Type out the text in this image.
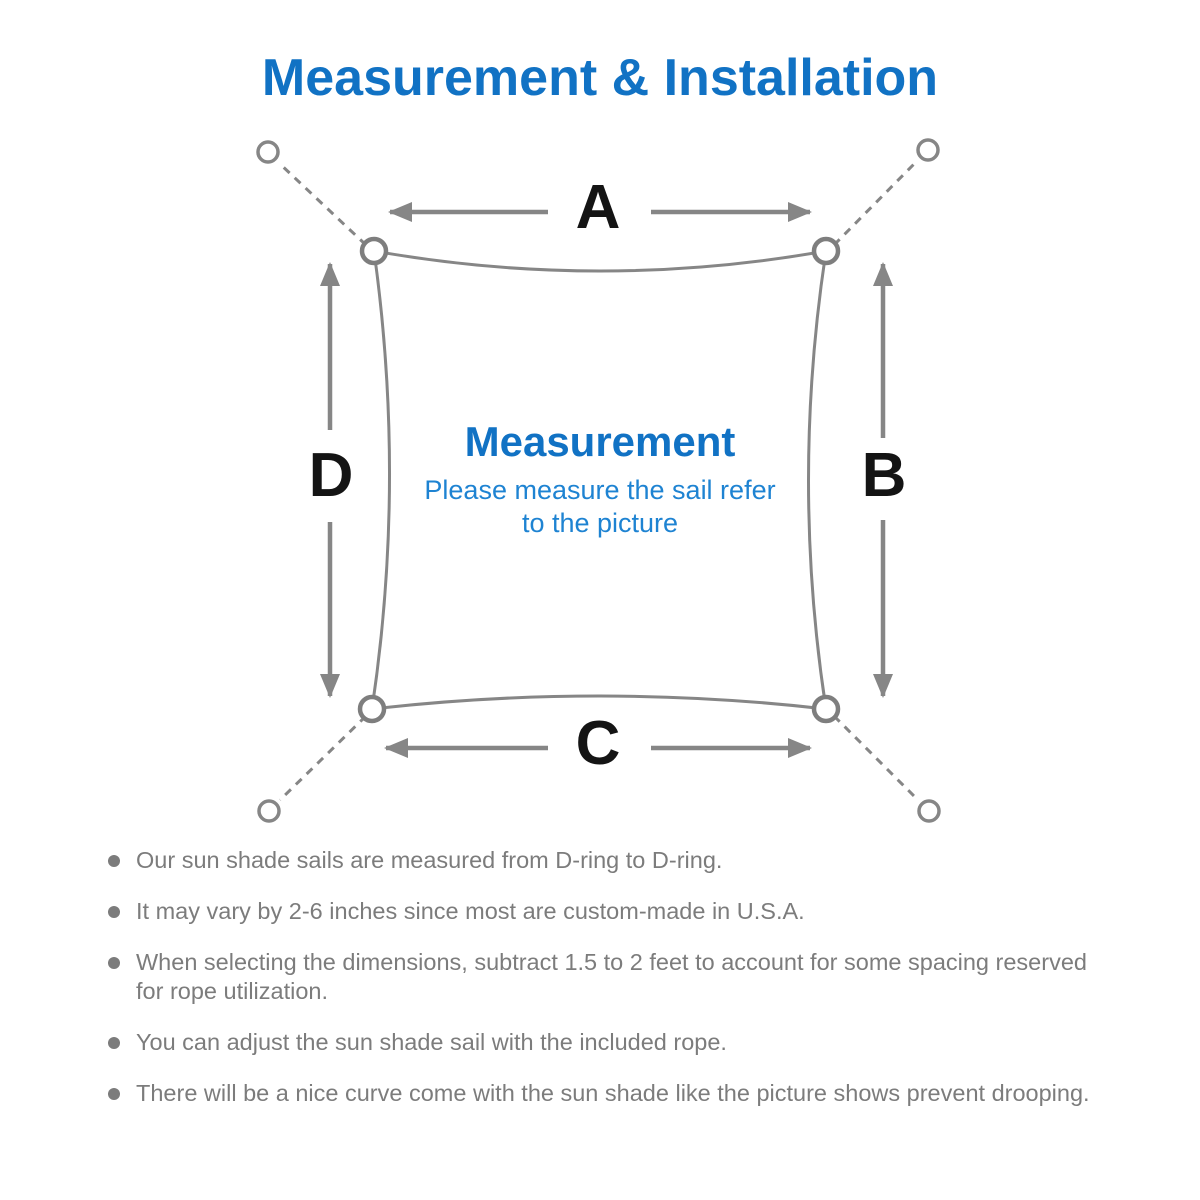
Measurement & Installation
A
B
C
D	Measurement
Please measure the sail refer
to the picture
Our sun shade sails are measured from D-ring to D-ring.
It may vary by 2-6 inches since most are custom-made in U.S.A.
When selecting the dimensions, subtract 1.5 to 2 feet to account for some spacing reserved for rope utilization.
You can adjust the sun shade sail with the included rope.
There will be a nice curve come with the sun shade like the picture shows prevent drooping.
